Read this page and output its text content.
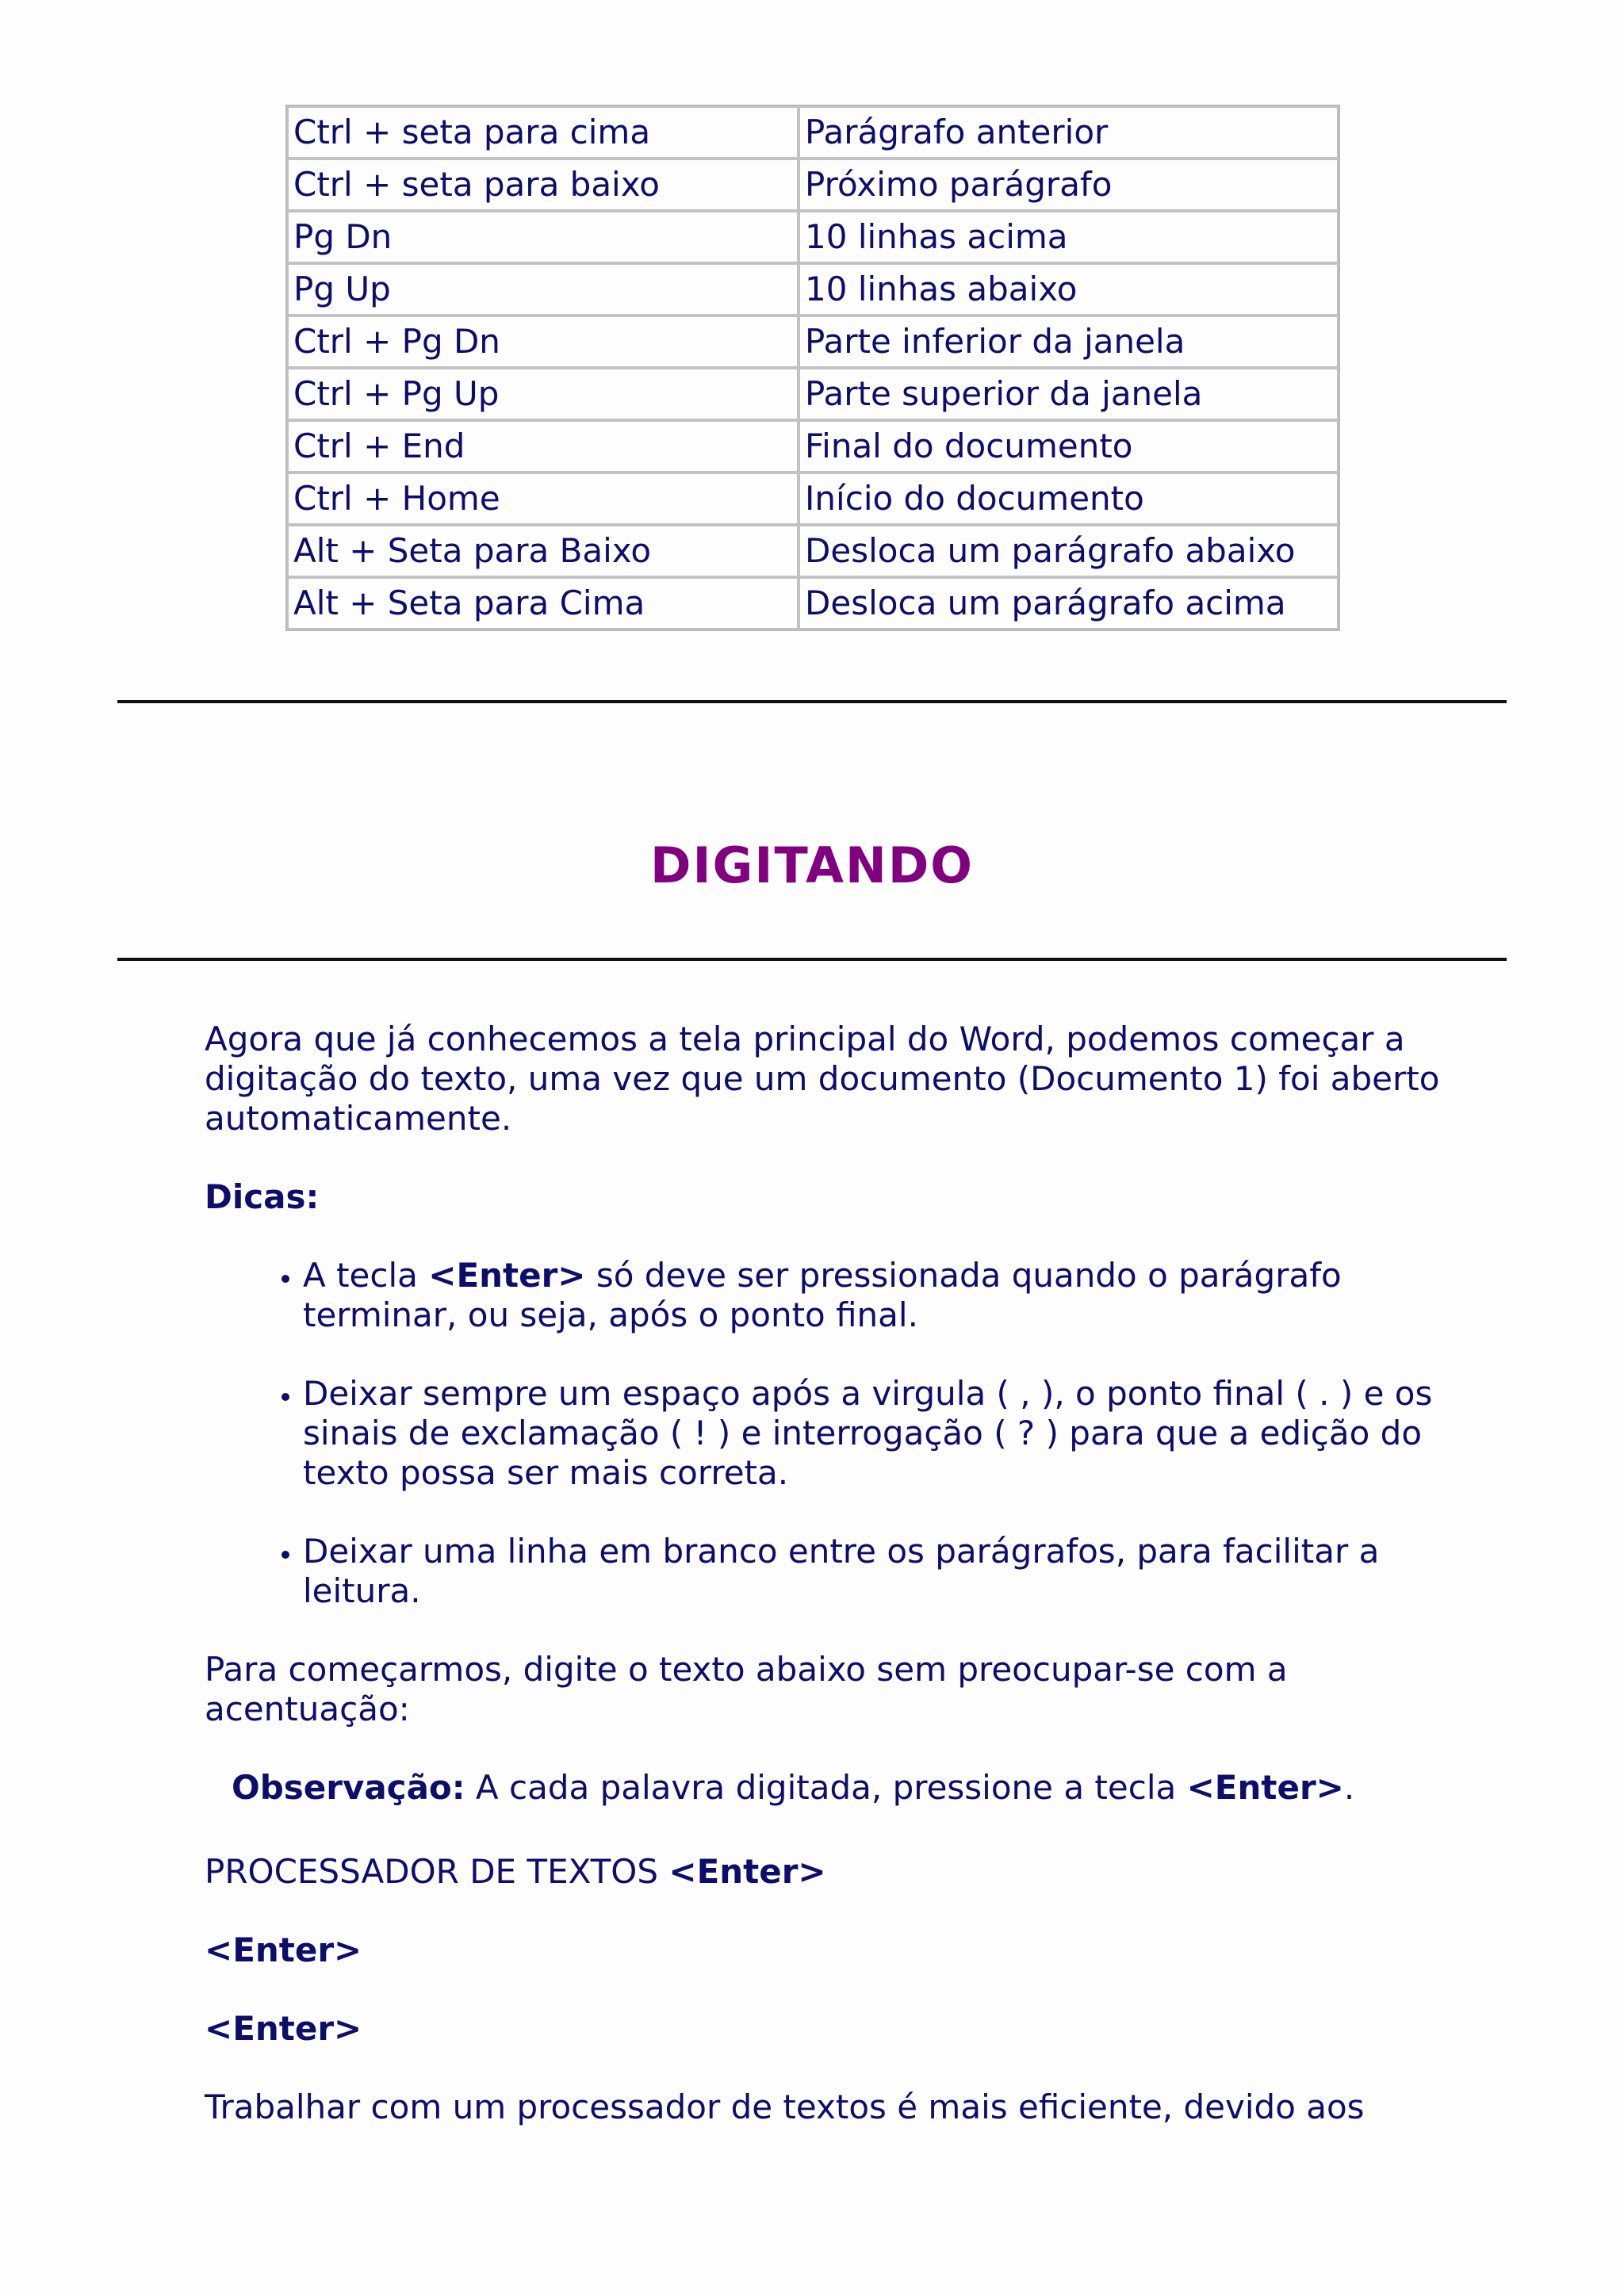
Ctrl + seta para cima	Parágrafo anterior
Ctrl + seta para baixo	Próximo parágrafo
Pg Dn	10 linhas acima
Pg Up	10 linhas abaixo
Ctrl + Pg Dn	Parte inferior da janela
Ctrl + Pg Up	Parte superior da janela
Ctrl + End	Final do documento
Ctrl + Home	Início do documento
Alt + Seta para Baixo	Desloca um parágrafo abaixo
Alt + Seta para Cima	Desloca um parágrafo acima
DIGITANDO

Agora que já conhecemos a tela principal do Word, podemos começar a digitação do texto, uma vez que um documento (Documento 1) foi aberto automaticamente.

Dicas:

• A tecla <Enter> só deve ser pressionada quando o parágrafo terminar, ou seja, após o ponto final.
• Deixar sempre um espaço após a virgula ( , ), o ponto final ( . ) e os sinais de exclamação ( ! ) e interrogação ( ? ) para que a edição do texto possa ser mais correta.
• Deixar uma linha em branco entre os parágrafos, para facilitar a leitura.

Para começarmos, digite o texto abaixo sem preocupar-se com a acentuação:

Observação: A cada palavra digitada, pressione a tecla <Enter>.

PROCESSADOR DE TEXTOS <Enter>

<Enter>

<Enter>

Trabalhar com um processador de textos é mais eficiente, devido aos
